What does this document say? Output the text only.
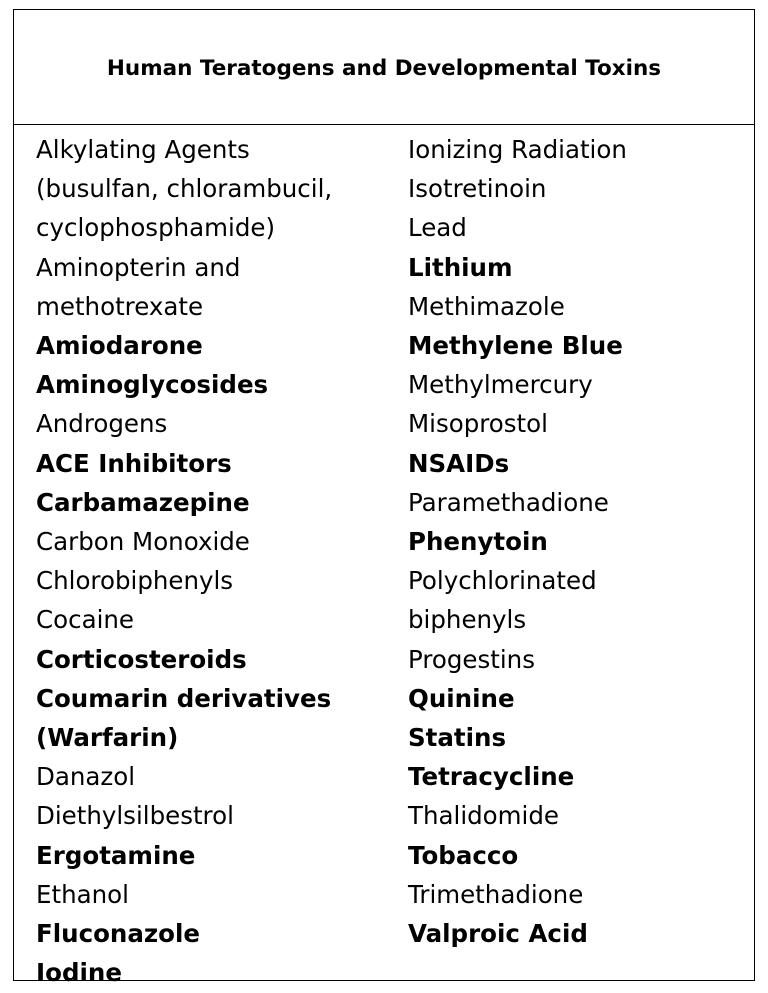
Human Teratogens and Developmental Toxins
Alkylating Agents
(busulfan, chlorambucil,
cyclophosphamide)
Aminopterin and
methotrexate
Amiodarone
Aminoglycosides
Androgens
ACE Inhibitors
Carbamazepine
Carbon Monoxide
Chlorobiphenyls
Cocaine
Corticosteroids
Coumarin derivatives
(Warfarin)
Danazol
Diethylsilbestrol
Ergotamine
Ethanol
Fluconazole
Iodine
Ionizing Radiation
Isotretinoin
Lead
Lithium
Methimazole
Methylene Blue
Methylmercury
Misoprostol
NSAIDs
Paramethadione
Phenytoin
Polychlorinated
biphenyls
Progestins
Quinine
Statins
Tetracycline
Thalidomide
Tobacco
Trimethadione
Valproic Acid
